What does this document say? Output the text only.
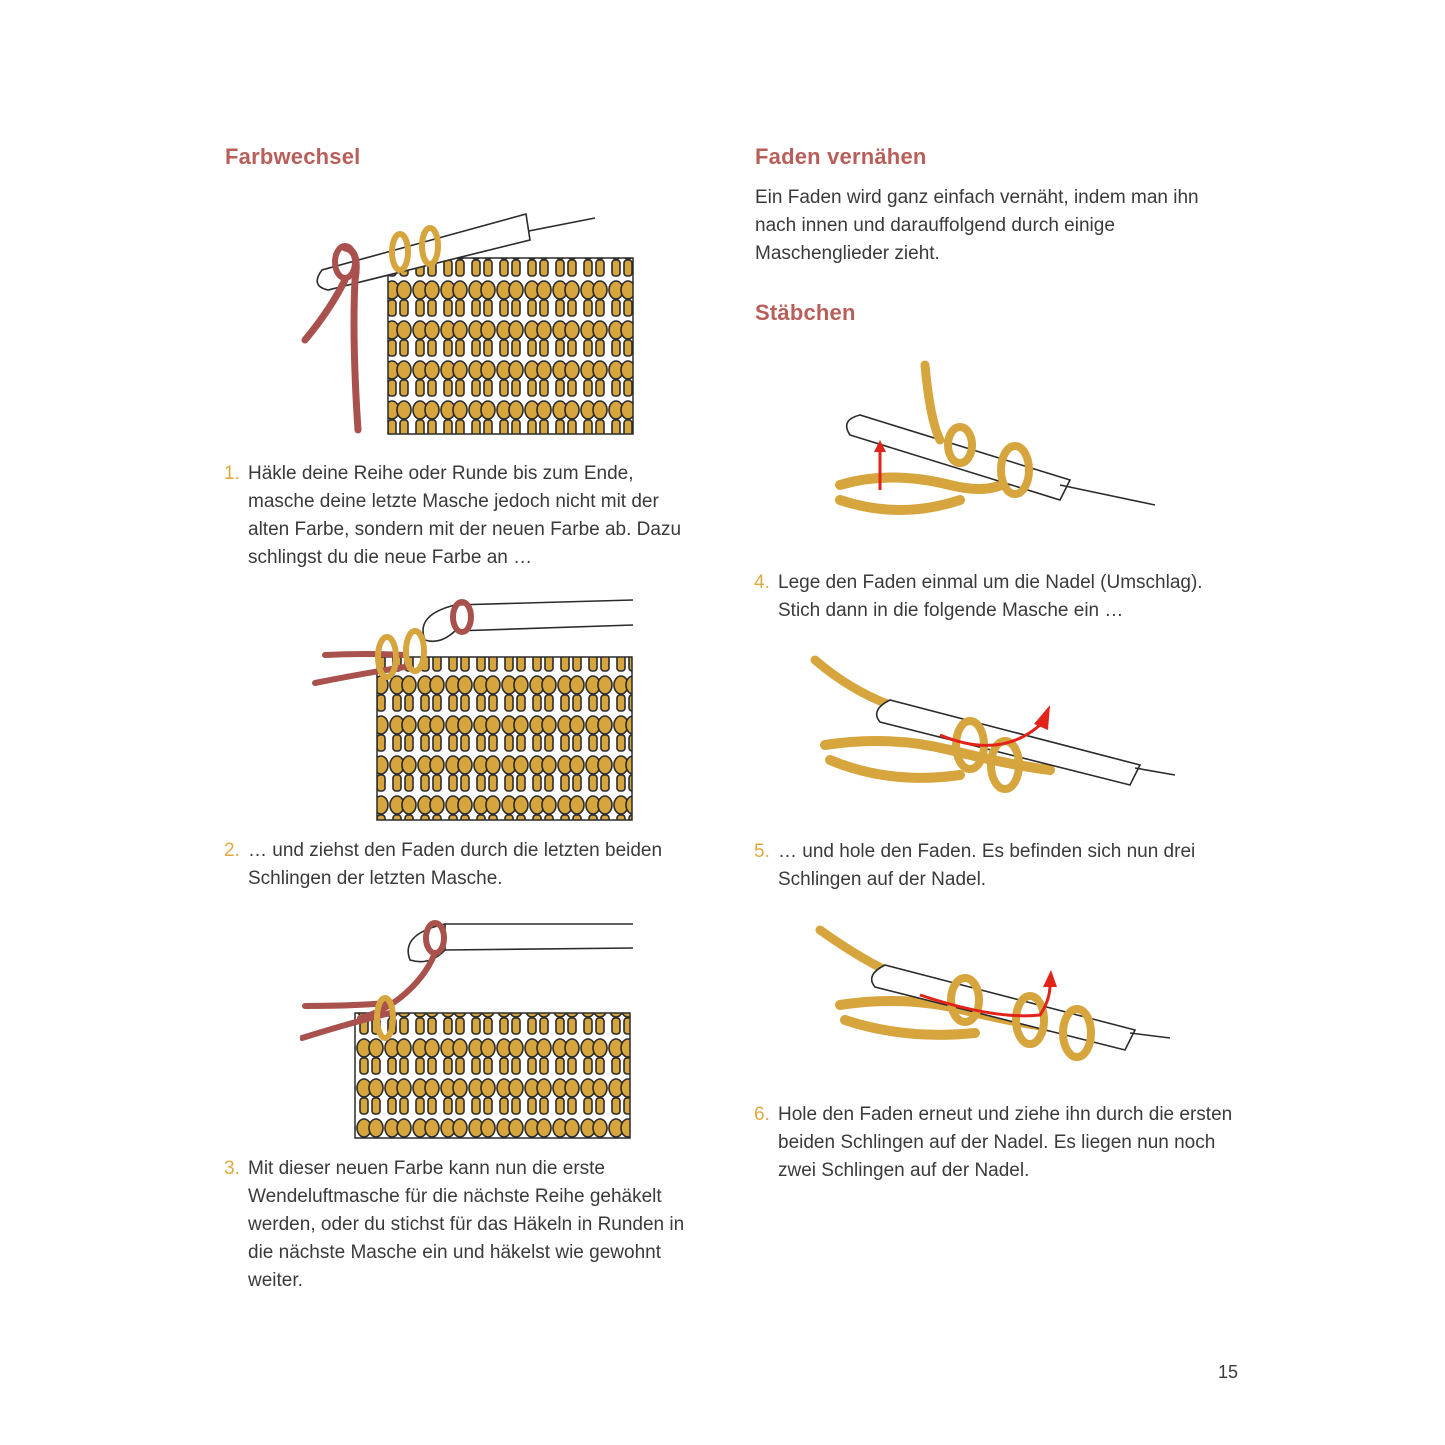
Farbwechsel

1. Häkle deine Reihe oder Runde bis zum Ende, masche deine letzte Masche jedoch nicht mit der alten Farbe, sondern mit der neuen Farbe ab. Dazu schlingst du die neue Farbe an …

2. … und ziehst den Faden durch die letzten beiden Schlingen der letzten Masche.

3. Mit dieser neuen Farbe kann nun die erste Wendeluftmasche für die nächste Reihe gehäkelt werden, oder du stichst für das Häkeln in Runden in die nächste Masche ein und häkelst wie gewohnt weiter.

Faden vernähen

Ein Faden wird ganz einfach vernäht, indem man ihn nach innen und darauffolgend durch einige Maschenglieder zieht.

Stäbchen

4. Lege den Faden einmal um die Nadel (Umschlag). Stich dann in die folgende Masche ein …

5. … und hole den Faden. Es befinden sich nun drei Schlingen auf der Nadel.

6. Hole den Faden erneut und ziehe ihn durch die ersten beiden Schlingen auf der Nadel. Es liegen nun noch zwei Schlingen auf der Nadel.

15
